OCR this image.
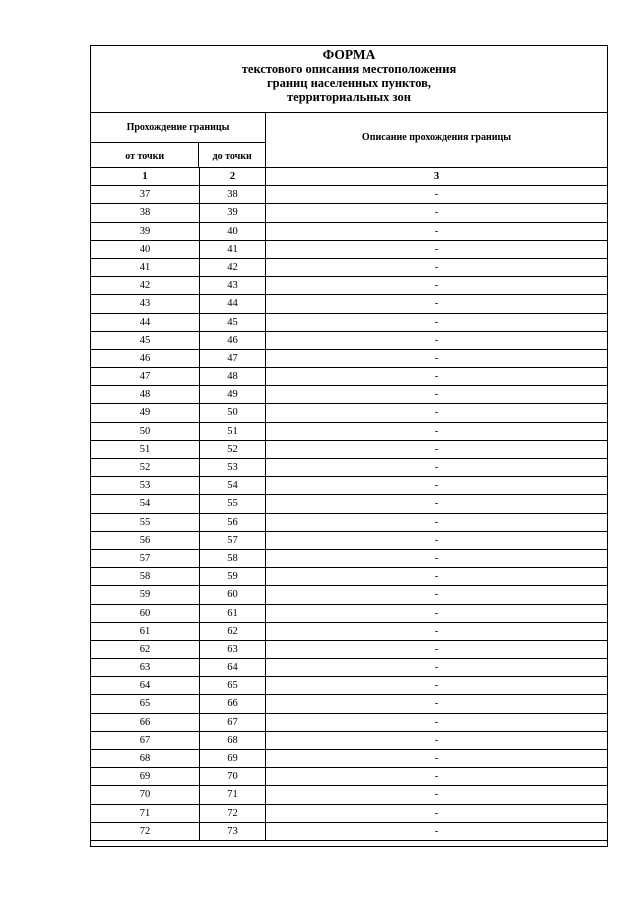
ФОРМА
текстового описания местоположения
границ населенных пунктов,
территориальных зон
Прохождение границы
от точки	до точки
Описание прохождения границы
1	2	3
37	38	-
38	39	-
39	40	-
40	41	-
41	42	-
42	43	-
43	44	-
44	45	-
45	46	-
46	47	-
47	48	-
48	49	-
49	50	-
50	51	-
51	52	-
52	53	-
53	54	-
54	55	-
55	56	-
56	57	-
57	58	-
58	59	-
59	60	-
60	61	-
61	62	-
62	63	-
63	64	-
64	65	-
65	66	-
66	67	-
67	68	-
68	69	-
69	70	-
70	71	-
71	72	-
72	73	-
